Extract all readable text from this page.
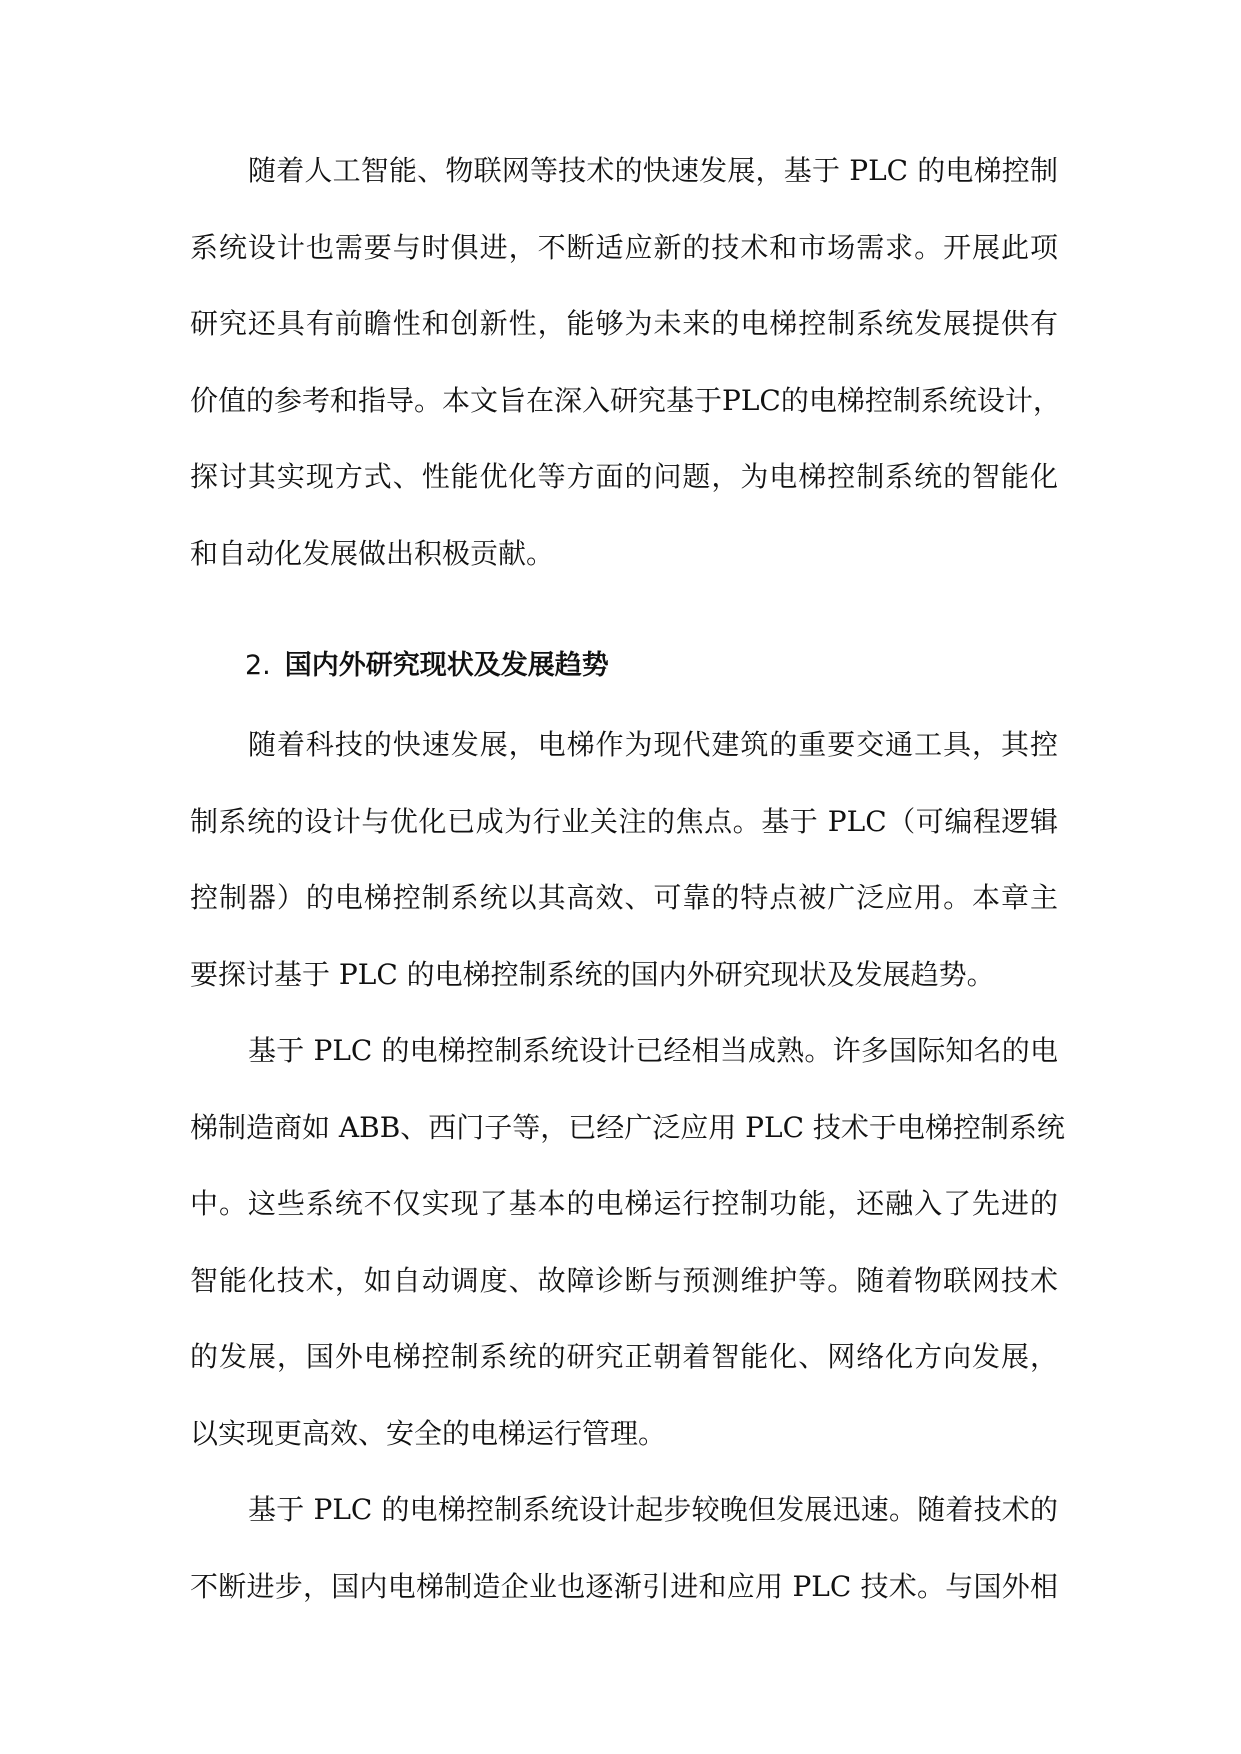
随着人工智能、物联网等技术的快速发展，基于 PLC 的电梯控制
系统设计也需要与时俱进，不断适应新的技术和市场需求。开展此项
研究还具有前瞻性和创新性，能够为未来的电梯控制系统发展提供有
价值的参考和指导。本文旨在深入研究基于PLC的电梯控制系统设计，
探讨其实现方式、性能优化等方面的问题，为电梯控制系统的智能化
和自动化发展做出积极贡献。

2. 国内外研究现状及发展趋势

随着科技的快速发展，电梯作为现代建筑的重要交通工具，其控
制系统的设计与优化已成为行业关注的焦点。基于 PLC（可编程逻辑
控制器）的电梯控制系统以其高效、可靠的特点被广泛应用。本章主
要探讨基于 PLC 的电梯控制系统的国内外研究现状及发展趋势。

基于 PLC 的电梯控制系统设计已经相当成熟。许多国际知名的电
梯制造商如 ABB、西门子等，已经广泛应用 PLC 技术于电梯控制系统
中。这些系统不仅实现了基本的电梯运行控制功能，还融入了先进的
智能化技术，如自动调度、故障诊断与预测维护等。随着物联网技术
的发展，国外电梯控制系统的研究正朝着智能化、网络化方向发展，
以实现更高效、安全的电梯运行管理。

基于 PLC 的电梯控制系统设计起步较晚但发展迅速。随着技术的
不断进步，国内电梯制造企业也逐渐引进和应用 PLC 技术。与国外相
